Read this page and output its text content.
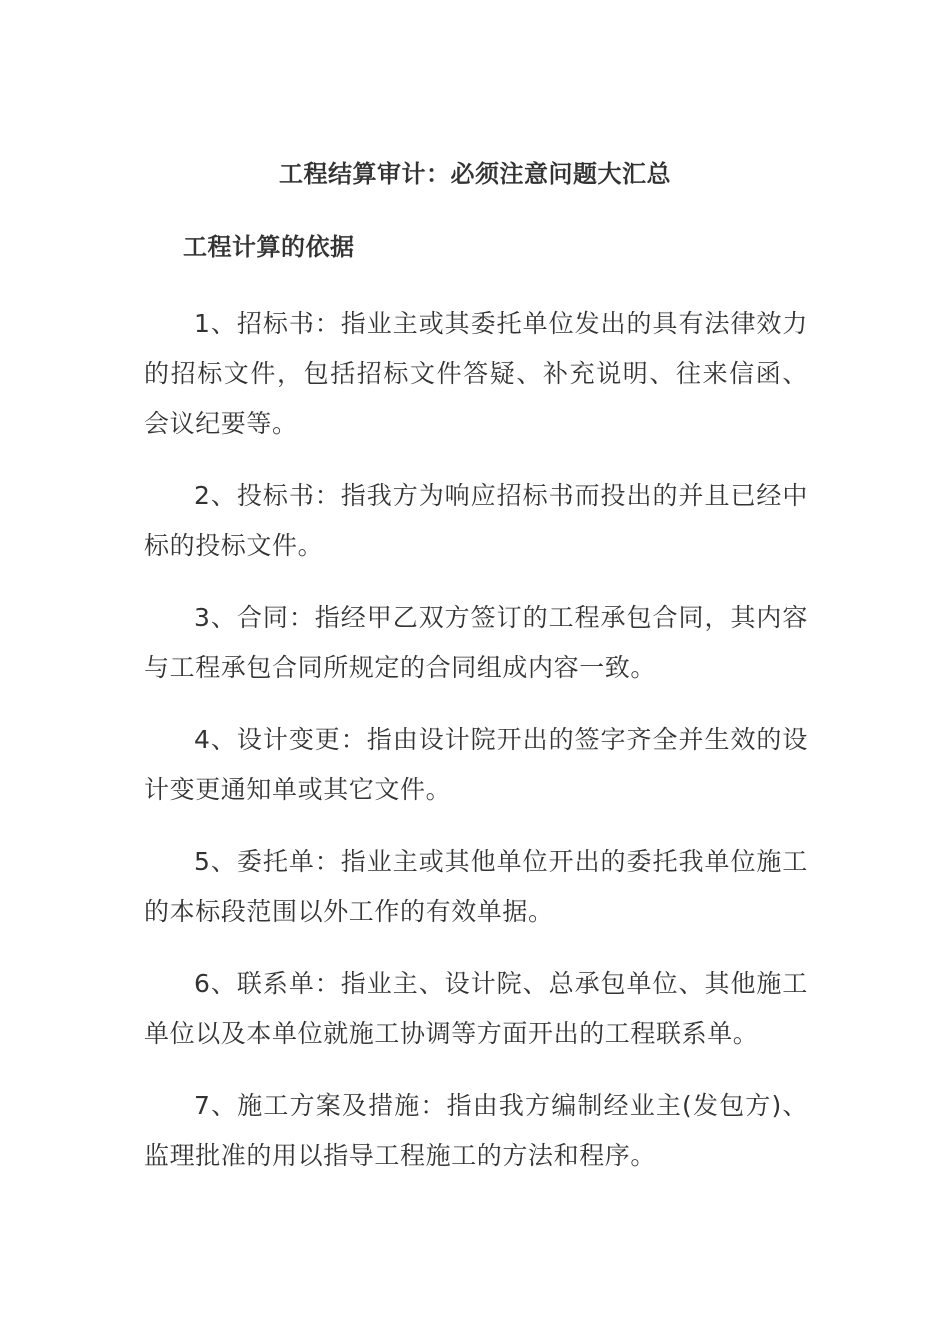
工程结算审计：必须注意问题大汇总
工程计算的依据

1、招标书：指业主或其委托单位发出的具有法律效力的招标文件，包括招标文件答疑、补充说明、往来信函、会议纪要等。

2、投标书：指我方为响应招标书而投出的并且已经中标的投标文件。

3、合同：指经甲乙双方签订的工程承包合同，其内容与工程承包合同所规定的合同组成内容一致。

4、设计变更：指由设计院开出的签字齐全并生效的设计变更通知单或其它文件。

5、委托单：指业主或其他单位开出的委托我单位施工的本标段范围以外工作的有效单据。

6、联系单：指业主、设计院、总承包单位、其他施工单位以及本单位就施工协调等方面开出的工程联系单。

7、施工方案及措施：指由我方编制经业主(发包方)、监理批准的用以指导工程施工的方法和程序。
